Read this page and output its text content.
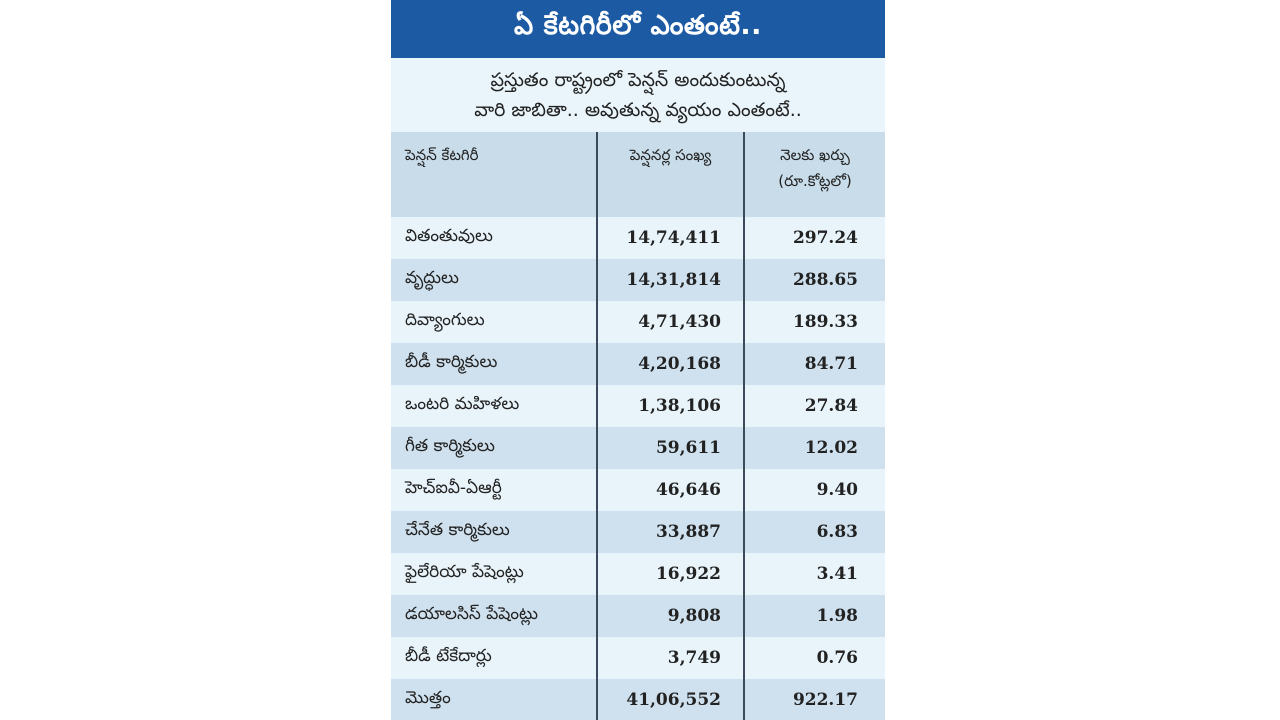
ఏ కేటగిరీలో ఎంతంటే..
ప్రస్తుతం రాష్ట్రంలో పెన్షన్ అందుకుంటున్న
వారి జాబితా.. అవుతున్న వ్యయం ఎంతంటే..
పెన్షన్ కేటగిరీ	పెన్షనర్ల సంఖ్య	నెలకు ఖర్చు
(రూ.కోట్లలో)

వితంతువులు	14,74,411	297.24
వృద్ధులు	14,31,814	288.65
దివ్యాంగులు	4,71,430	189.33
బీడీ కార్మికులు	4,20,168	84.71
ఒంటరి మహిళలు	1,38,106	27.84
గీత కార్మికులు	59,611	12.02
హెచ్ఐవీ-ఏఆర్టీ	46,646	9.40
చేనేత కార్మికులు	33,887	6.83
ఫైలేరియా పేషెంట్లు	16,922	3.41
డయాలసిస్ పేషెంట్లు	9,808	1.98
బీడీ టేకేదార్లు	3,749	0.76
మొత్తం	41,06,552	922.17
